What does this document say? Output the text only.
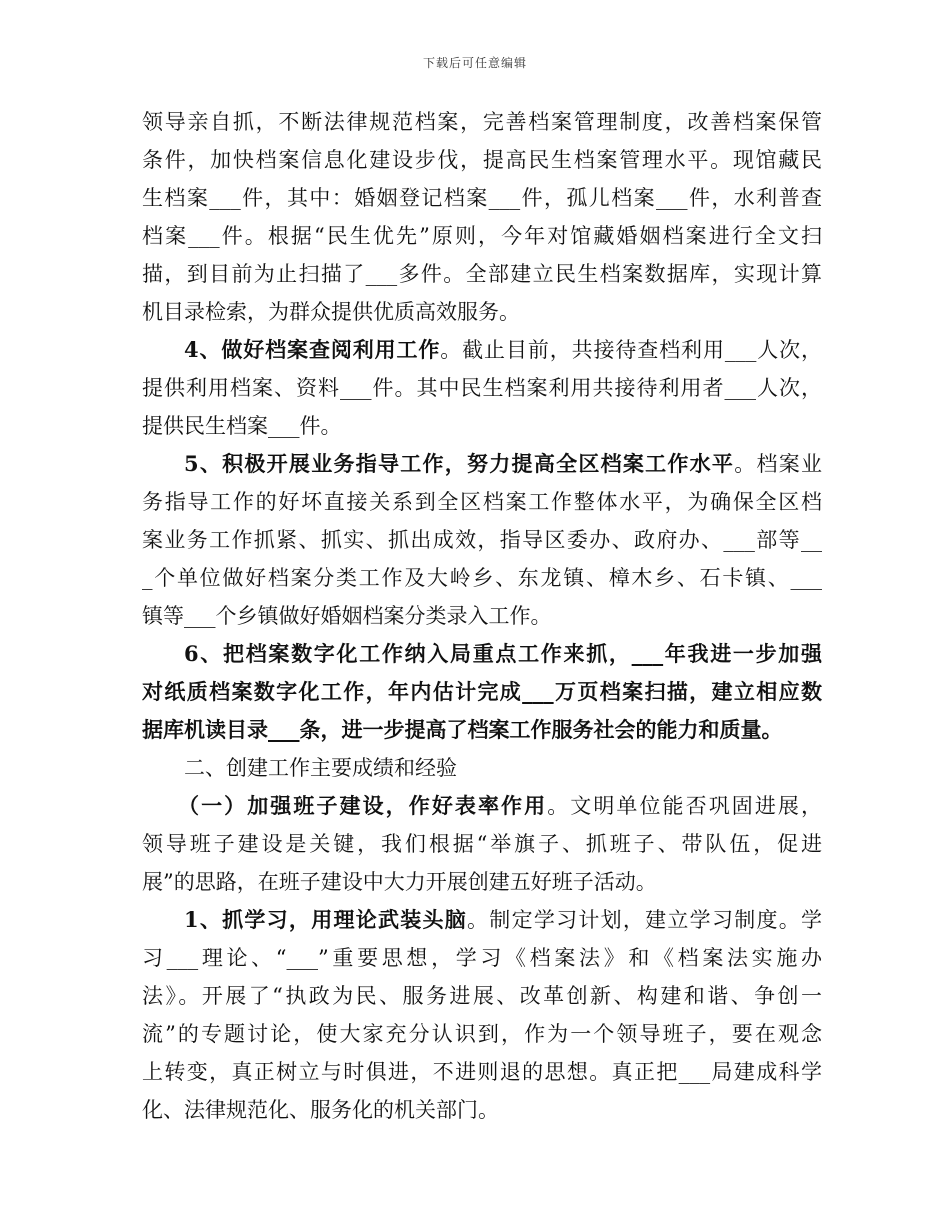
下载后可任意编辑
领导亲自抓，不断法律规范档案，完善档案管理制度，改善档案保管
条件，加快档案信息化建设步伐，提高民生档案管理水平。现馆藏民
生档案___件，其中：婚姻登记档案___件，孤儿档案___件，水利普查
档案___件。根据“民生优先”原则，今年对馆藏婚姻档案进行全文扫
描，到目前为止扫描了___多件。全部建立民生档案数据库，实现计算
机目录检索，为群众提供优质高效服务。
4、做好档案查阅利用工作。截止目前，共接待查档利用___人次，
提供利用档案、资料___件。其中民生档案利用共接待利用者___人次，
提供民生档案___件。
5、积极开展业务指导工作，努力提高全区档案工作水平。档案业
务指导工作的好坏直接关系到全区档案工作整体水平，为确保全区档
案业务工作抓紧、抓实、抓出成效，指导区委办、政府办、___部等__
_个单位做好档案分类工作及大岭乡、东龙镇、樟木乡、石卡镇、___
镇等___个乡镇做好婚姻档案分类录入工作。
6、把档案数字化工作纳入局重点工作来抓，___年我进一步加强
对纸质档案数字化工作，年内估计完成___万页档案扫描，建立相应数
据库机读目录___条，进一步提高了档案工作服务社会的能力和质量。
二、创建工作主要成绩和经验
（一）加强班子建设，作好表率作用。文明单位能否巩固进展，
领导班子建设是关键，我们根据“举旗子、抓班子、带队伍，促进
展”的思路，在班子建设中大力开展创建五好班子活动。
1、抓学习，用理论武装头脑。制定学习计划，建立学习制度。学
习___理论、“___”重要思想，学习《档案法》和《档案法实施办
法》。开展了“执政为民、服务进展、改革创新、构建和谐、争创一
流”的专题讨论，使大家充分认识到，作为一个领导班子，要在观念
上转变，真正树立与时俱进，不进则退的思想。真正把___局建成科学
化、法律规范化、服务化的机关部门。
